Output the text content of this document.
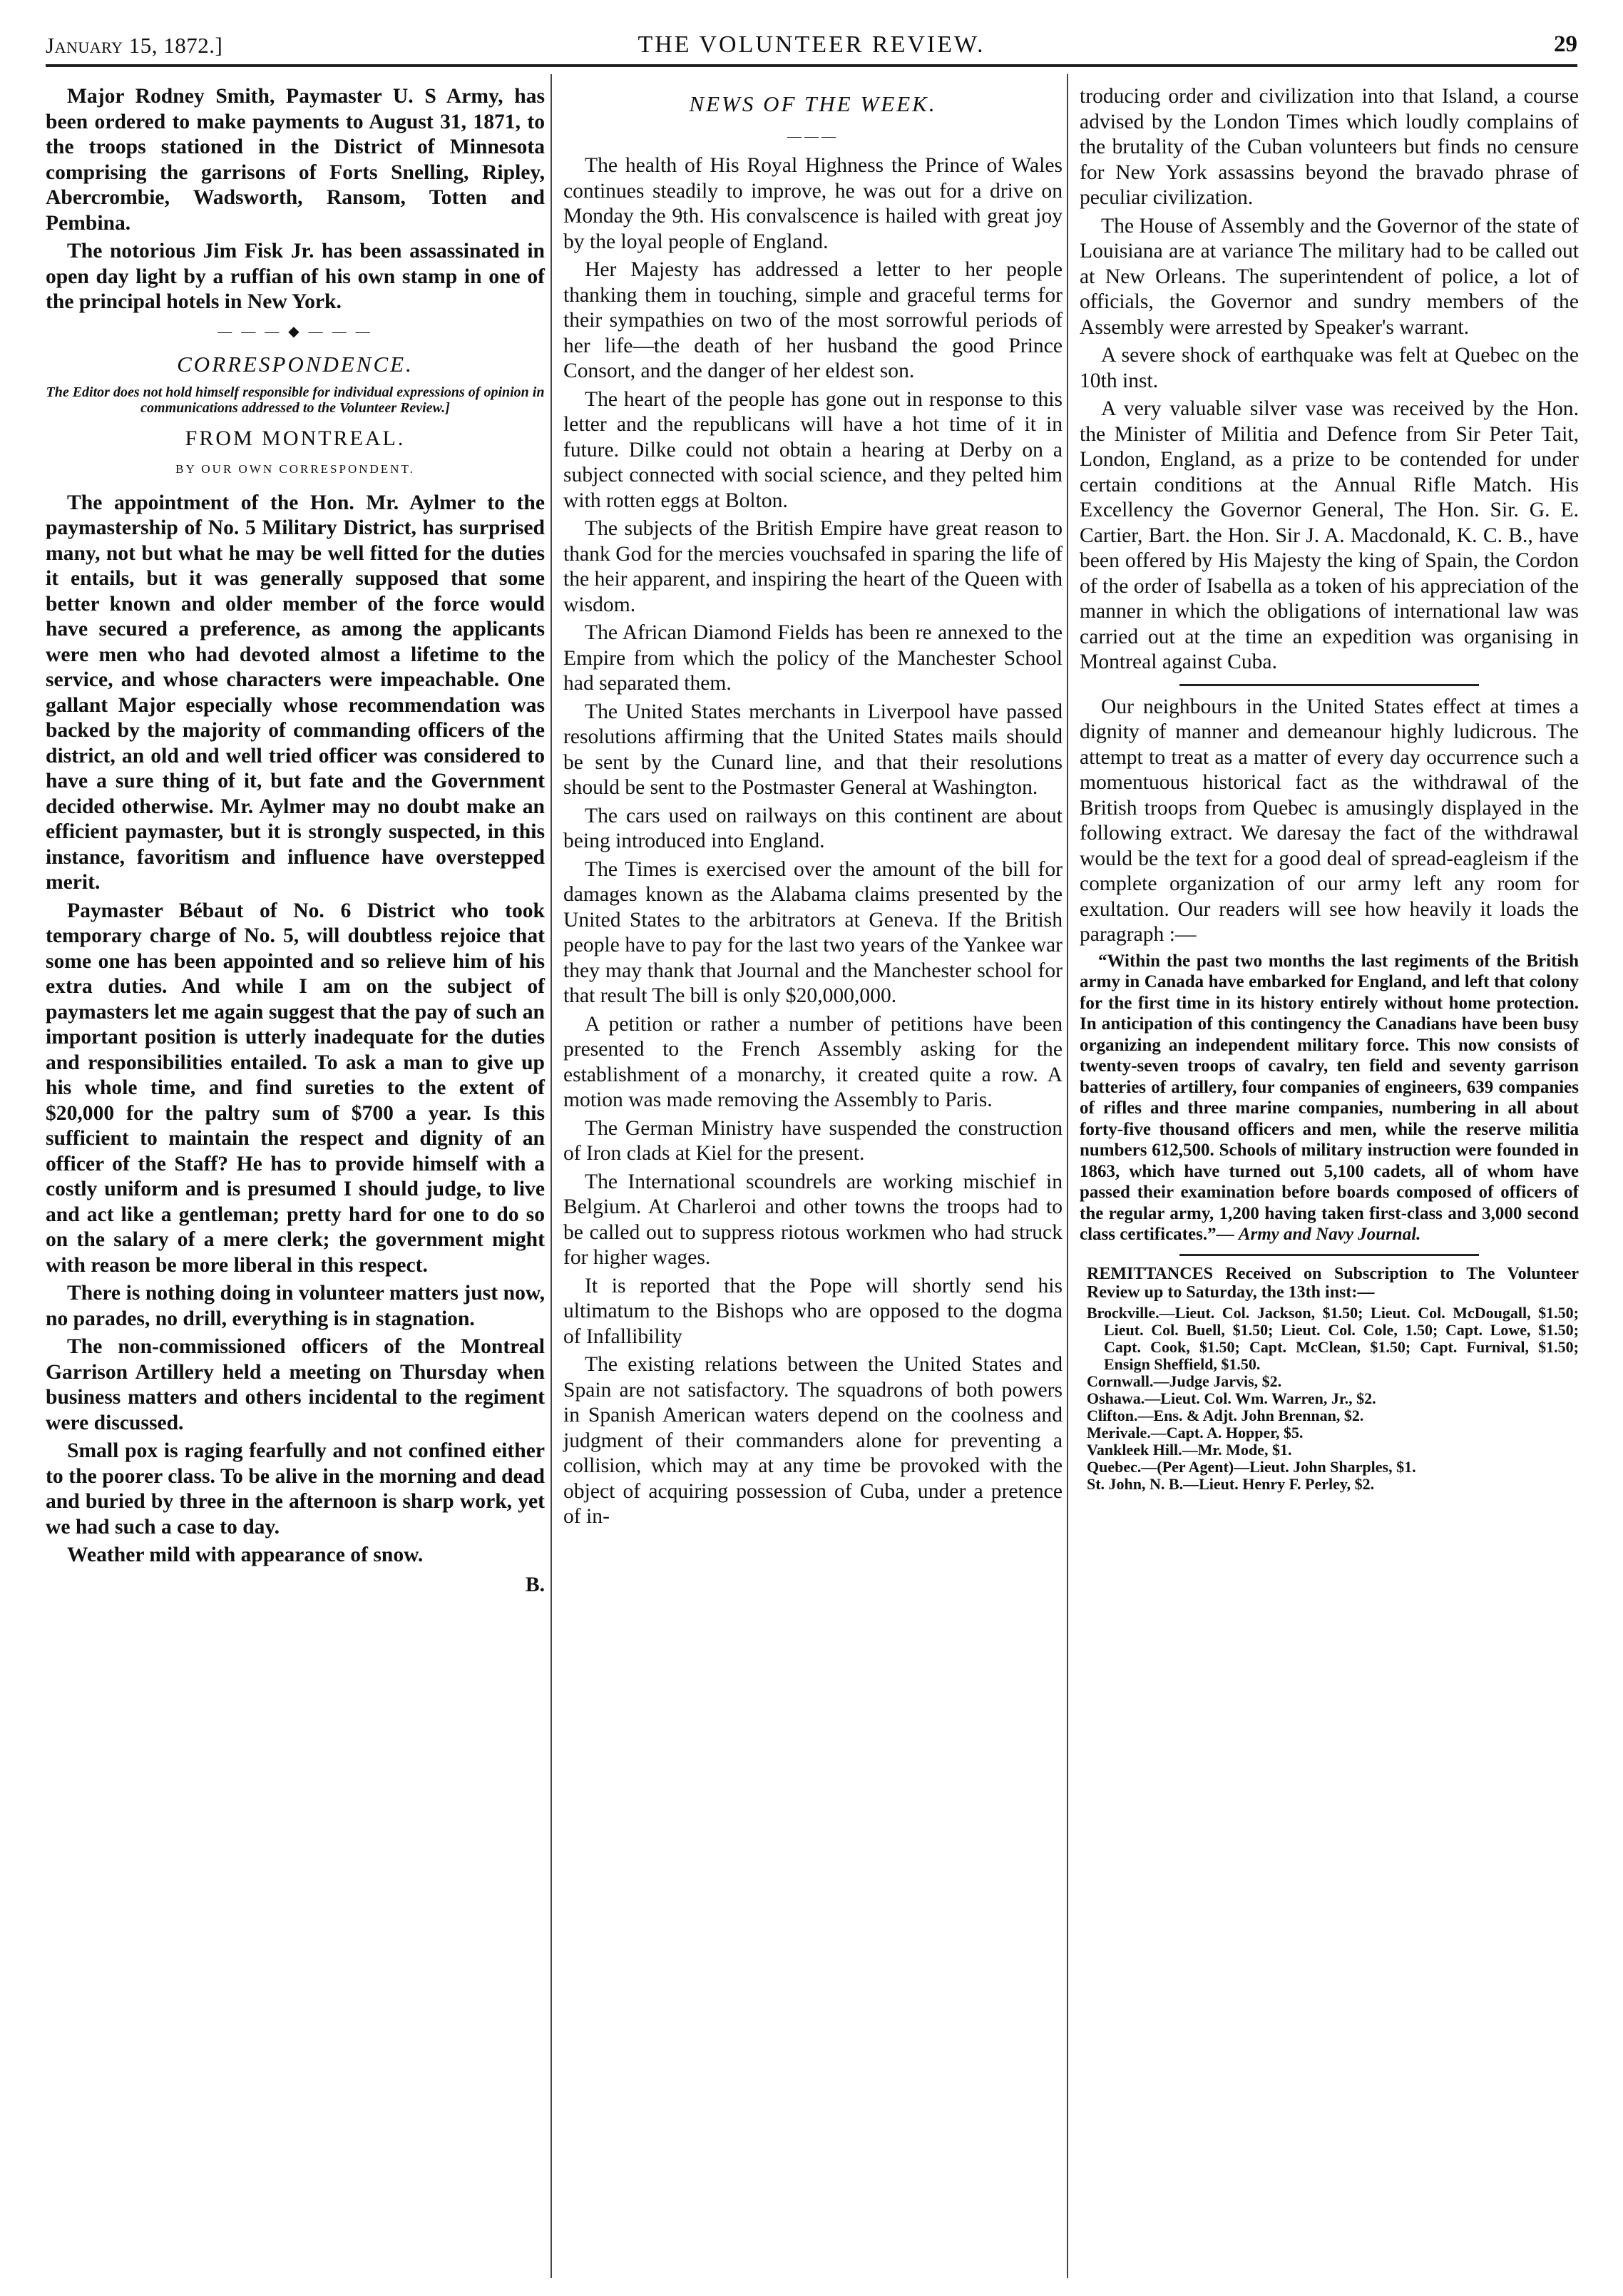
January 15, 1872.]	THE VOLUNTEER REVIEW.	29

Major Rodney Smith, Paymaster U. S Army, has been ordered to make payments to August 31, 1871, to the troops stationed in the District of Minnesota comprising the garrisons of Forts Snelling, Ripley, Abercrombie, Wadsworth, Ransom, Totten and Pembina.

The notorious Jim Fisk Jr. has been assassinated in open day light by a ruffian of his own stamp in one of the principal hotels in New York.

— — — ◆ — — —
CORRESPONDENCE.

The Editor does not hold himself responsible for individual expressions of opinion in communications addressed to the Volunteer Review.]

FROM MONTREAL.
BY OUR OWN CORRESPONDENT.

The appointment of the Hon. Mr. Aylmer to the paymastership of No. 5 Military District, has surprised many, not but what he may be well fitted for the duties it entails, but it was generally supposed that some better known and older member of the force would have secured a preference, as among the applicants were men who had devoted almost a lifetime to the service, and whose characters were impeachable. One gallant Major especially whose recommendation was backed by the majority of commanding officers of the district, an old and well tried officer was considered to have a sure thing of it, but fate and the Government decided otherwise. Mr. Aylmer may no doubt make an efficient paymaster, but it is strongly suspected, in this instance, favoritism and influence have overstepped merit.

Paymaster Bébaut of No. 6 District who took temporary charge of No. 5, will doubtless rejoice that some one has been appointed and so relieve him of his extra duties. And while I am on the subject of paymasters let me again suggest that the pay of such an important position is utterly inadequate for the duties and responsibilities entailed. To ask a man to give up his whole time, and find sureties to the extent of $20,000 for the paltry sum of $700 a year. Is this sufficient to maintain the respect and dignity of an officer of the Staff? He has to provide himself with a costly uniform and is presumed I should judge, to live and act like a gentleman; pretty hard for one to do so on the salary of a mere clerk; the government might with reason be more liberal in this respect.

There is nothing doing in volunteer matters just now, no parades, no drill, everything is in stagnation.

The non-commissioned officers of the Montreal Garrison Artillery held a meeting on Thursday when business matters and others incidental to the regiment were discussed.

Small pox is raging fearfully and not confined either to the poorer class. To be alive in the morning and dead and buried by three in the afternoon is sharp work, yet we had such a case to day.

Weather mild with appearance of snow.

B.
NEWS OF THE WEEK.
———

The health of His Royal Highness the Prince of Wales continues steadily to improve, he was out for a drive on Monday the 9th. His convalscence is hailed with great joy by the loyal people of England.

Her Majesty has addressed a letter to her people thanking them in touching, simple and graceful terms for their sympathies on two of the most sorrowful periods of her life—the death of her husband the good Prince Consort, and the danger of her eldest son.

The heart of the people has gone out in response to this letter and the republicans will have a hot time of it in future. Dilke could not obtain a hearing at Derby on a subject connected with social science, and they pelted him with rotten eggs at Bolton.

The subjects of the British Empire have great reason to thank God for the mercies vouchsafed in sparing the life of the heir apparent, and inspiring the heart of the Queen with wisdom.

The African Diamond Fields has been re annexed to the Empire from which the policy of the Manchester School had separated them.

The United States merchants in Liverpool have passed resolutions affirming that the United States mails should be sent by the Cunard line, and that their resolutions should be sent to the Postmaster General at Washington.

The cars used on railways on this continent are about being introduced into England.

The Times is exercised over the amount of the bill for damages known as the Alabama claims presented by the United States to the arbitrators at Geneva. If the British people have to pay for the last two years of the Yankee war they may thank that Journal and the Manchester school for that result The bill is only $20,000,000.

A petition or rather a number of petitions have been presented to the French Assembly asking for the establishment of a monarchy, it created quite a row. A motion was made removing the Assembly to Paris.

The German Ministry have suspended the construction of Iron clads at Kiel for the present.

The International scoundrels are working mischief in Belgium. At Charleroi and other towns the troops had to be called out to suppress riotous workmen who had struck for higher wages.

It is reported that the Pope will shortly send his ultimatum to the Bishops who are opposed to the dogma of Infallibility

The existing relations between the United States and Spain are not satisfactory. The squadrons of both powers in Spanish American waters depend on the coolness and judgment of their commanders alone for preventing a collision, which may at any time be provoked with the object of acquiring possession of Cuba, under a pretence of in-

troducing order and civilization into that Island, a course advised by the London Times which loudly complains of the brutality of the Cuban volunteers but finds no censure for New York assassins beyond the bravado phrase of peculiar civilization.

The House of Assembly and the Governor of the state of Louisiana are at variance The military had to be called out at New Orleans. The superintendent of police, a lot of officials, the Governor and sundry members of the Assembly were arrested by Speaker's warrant.

A severe shock of earthquake was felt at Quebec on the 10th inst.

A very valuable silver vase was received by the Hon. the Minister of Militia and Defence from Sir Peter Tait, London, England, as a prize to be contended for under certain conditions at the Annual Rifle Match. His Excellency the Governor General, The Hon. Sir. G. E. Cartier, Bart. the Hon. Sir J. A. Macdonald, K. C. B., have been offered by His Majesty the king of Spain, the Cordon of the order of Isabella as a token of his appreciation of the manner in which the obligations of international law was carried out at the time an expedition was organising in Montreal against Cuba.

Our neighbours in the United States effect at times a dignity of manner and demeanour highly ludicrous. The attempt to treat as a matter of every day occurrence such a momentuous historical fact as the withdrawal of the British troops from Quebec is amusingly displayed in the following extract. We daresay the fact of the withdrawal would be the text for a good deal of spread-eagleism if the complete organization of our army left any room for exultation. Our readers will see how heavily it loads the paragraph :—

“Within the past two months the last regiments of the British army in Canada have embarked for England, and left that colony for the first time in its history entirely without home protection. In anticipation of this contingency the Canadians have been busy organizing an independent military force. This now consists of twenty-seven troops of cavalry, ten field and seventy garrison batteries of artillery, four companies of engineers, 639 companies of rifles and three marine companies, numbering in all about forty-five thousand officers and men, while the reserve militia numbers 612,500. Schools of military instruction were founded in 1863, which have turned out 5,100 cadets, all of whom have passed their examination before boards composed of officers of the regular army, 1,200 having taken first-class and 3,000 second class certificates.”— Army and Navy Journal.

REMITTANCES Received on Subscription to The Volunteer Review up to Saturday, the 13th inst:—

Brockville.—Lieut. Col. Jackson, $1.50; Lieut. Col. McDougall, $1.50; Lieut. Col. Buell, $1.50; Lieut. Col. Cole, 1.50; Capt. Lowe, $1.50; Capt. Cook, $1.50; Capt. McClean, $1.50; Capt. Furnival, $1.50; Ensign Sheffield, $1.50.

Cornwall.—Judge Jarvis, $2.

Oshawa.—Lieut. Col. Wm. Warren, Jr., $2.

Clifton.—Ens. & Adjt. John Brennan, $2.

Merivale.—Capt. A. Hopper, $5.

Vankleek Hill.—Mr. Mode, $1.

Quebec.—(Per Agent)—Lieut. John Sharples, $1.

St. John, N. B.—Lieut. Henry F. Perley, $2.
